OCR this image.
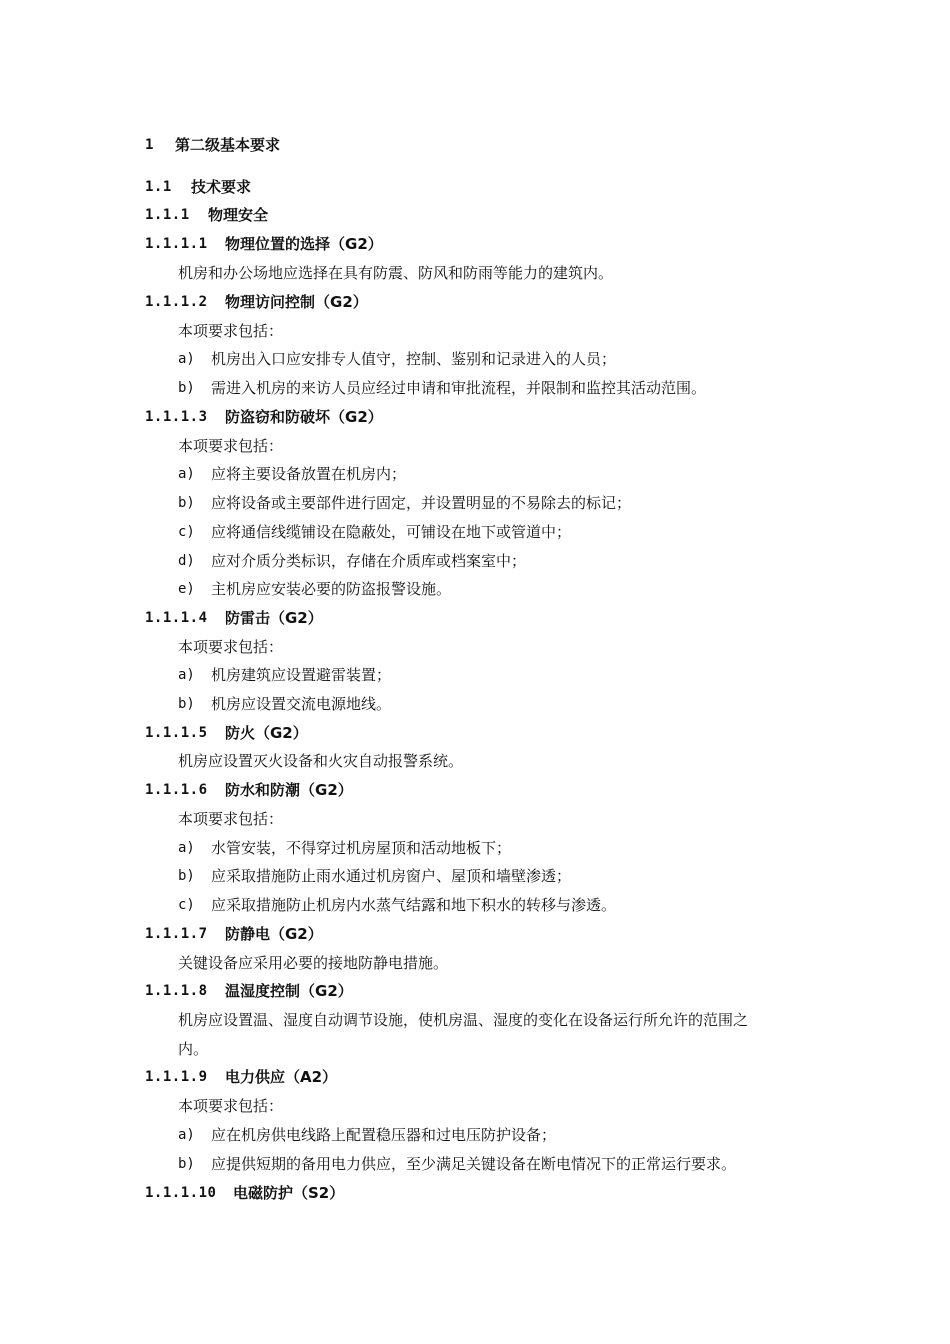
1 第二级基本要求
1.1 技术要求
1.1.1 物理安全
1.1.1.1 物理位置的选择（G2）
机房和办公场地应选择在具有防震、防风和防雨等能力的建筑内。
1.1.1.2 物理访问控制（G2）
本项要求包括：
a) 机房出入口应安排专人值守，控制、鉴别和记录进入的人员；
b) 需进入机房的来访人员应经过申请和审批流程，并限制和监控其活动范围。
1.1.1.3 防盗窃和防破坏（G2）
本项要求包括：
a) 应将主要设备放置在机房内；
b) 应将设备或主要部件进行固定，并设置明显的不易除去的标记；
c) 应将通信线缆铺设在隐蔽处，可铺设在地下或管道中；
d) 应对介质分类标识，存储在介质库或档案室中；
e) 主机房应安装必要的防盗报警设施。
1.1.1.4 防雷击（G2）
本项要求包括：
a) 机房建筑应设置避雷装置；
b) 机房应设置交流电源地线。
1.1.1.5 防火（G2）
机房应设置灭火设备和火灾自动报警系统。
1.1.1.6 防水和防潮（G2）
本项要求包括：
a) 水管安装，不得穿过机房屋顶和活动地板下；
b) 应采取措施防止雨水通过机房窗户、屋顶和墙壁渗透；
c) 应采取措施防止机房内水蒸气结露和地下积水的转移与渗透。
1.1.1.7 防静电（G2）
关键设备应采用必要的接地防静电措施。
1.1.1.8 温湿度控制（G2）
机房应设置温、湿度自动调节设施，使机房温、湿度的变化在设备运行所允许的范围之
内。
1.1.1.9 电力供应（A2）
本项要求包括：
a) 应在机房供电线路上配置稳压器和过电压防护设备；
b) 应提供短期的备用电力供应，至少满足关键设备在断电情况下的正常运行要求。
1.1.1.10 电磁防护（S2）
